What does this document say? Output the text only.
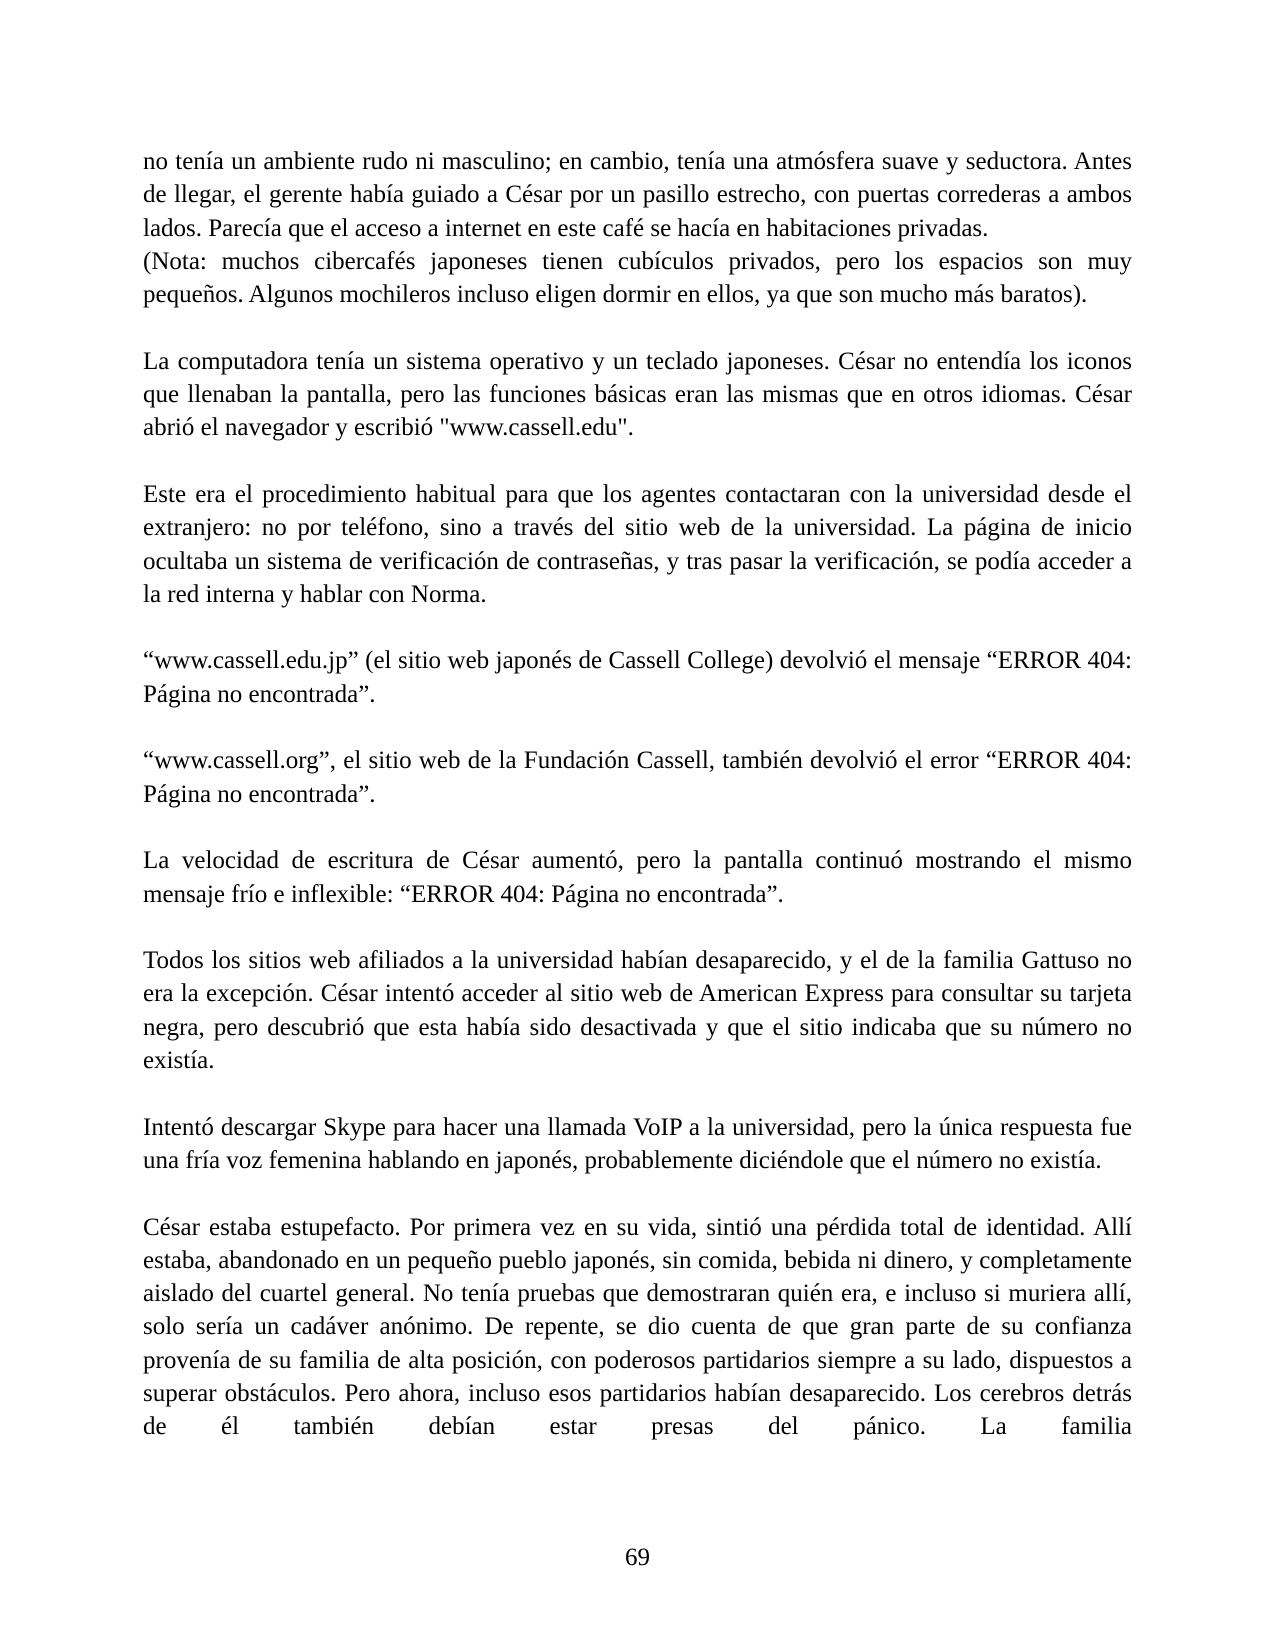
no tenía un ambiente rudo ni masculino; en cambio, tenía una atmósfera suave y seductora. Antes de llegar, el gerente había guiado a César por un pasillo estrecho, con puertas correderas a ambos lados. Parecía que el acceso a internet en este café se hacía en habitaciones privadas.

(Nota: muchos cibercafés japoneses tienen cubículos privados, pero los espacios son muy pequeños. Algunos mochileros incluso eligen dormir en ellos, ya que son mucho más baratos).

La computadora tenía un sistema operativo y un teclado japoneses. César no entendía los iconos que llenaban la pantalla, pero las funciones básicas eran las mismas que en otros idiomas. César abrió el navegador y escribió "www.cassell.edu".

Este era el procedimiento habitual para que los agentes contactaran con la universidad desde el extranjero: no por teléfono, sino a través del sitio web de la universidad. La página de inicio ocultaba un sistema de verificación de contraseñas, y tras pasar la verificación, se podía acceder a la red interna y hablar con Norma.

“www.cassell.edu.jp” (el sitio web japonés de Cassell College) devolvió el mensaje “ERROR 404: Página no encontrada”.

“www.cassell.org”, el sitio web de la Fundación Cassell, también devolvió el error “ERROR 404: Página no encontrada”.

La velocidad de escritura de César aumentó, pero la pantalla continuó mostrando el mismo mensaje frío e inflexible: “ERROR 404: Página no encontrada”.

Todos los sitios web afiliados a la universidad habían desaparecido, y el de la familia Gattuso no era la excepción. César intentó acceder al sitio web de American Express para consultar su tarjeta negra, pero descubrió que esta había sido desactivada y que el sitio indicaba que su número no existía.

Intentó descargar Skype para hacer una llamada VoIP a la universidad, pero la única respuesta fue una fría voz femenina hablando en japonés, probablemente diciéndole que el número no existía.

César estaba estupefacto. Por primera vez en su vida, sintió una pérdida total de identidad. Allí estaba, abandonado en un pequeño pueblo japonés, sin comida, bebida ni dinero, y completamente aislado del cuartel general. No tenía pruebas que demostraran quién era, e incluso si muriera allí, solo sería un cadáver anónimo. De repente, se dio cuenta de que gran parte de su confianza provenía de su familia de alta posición, con poderosos partidarios siempre a su lado, dispuestos a superar obstáculos. Pero ahora, incluso esos partidarios habían desaparecido. Los cerebros detrás de él también debían estar presas del pánico. La familia

69
